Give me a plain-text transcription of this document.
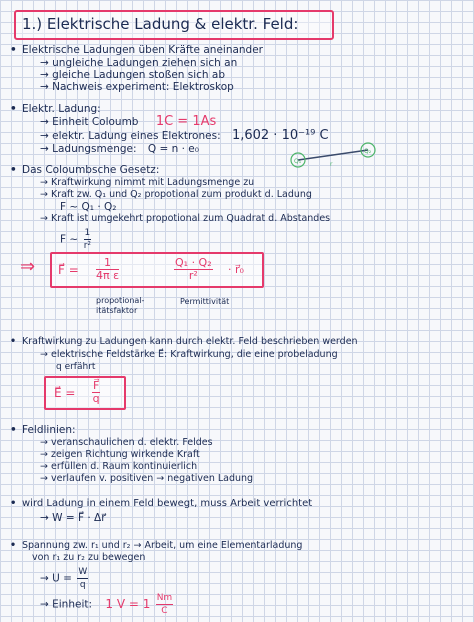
1.) Elektrische Ladung & elektr. Feld:
• Elektrische Ladungen üben Kräfte aneinander
→ ungleiche Ladungen ziehen sich an
→ gleiche Ladungen stoßen sich ab
→ Nachweis experiment: Elektroskop
• Elektr. Ladung:
→ Einheit Coloumb 1C = 1As
→ elektr. Ladung eines Elektrones: 1,602 · 10⁻¹⁹ C
→ Ladungsmenge: Q = n · e₀
Q₁
Q₂
r
• Das Coloumbsche Gesetz:
→ Kraftwirkung nimmt mit Ladungsmenge zu
→ Kraft zw. Q₁ und Q₂ propotional zum produkt d. Ladung
F ~ Q₁ · Q₂
→ Kraft ist umgekehrt propotional zum Quadrat d. Abstandes
F ~ $\frac{1}{\text{r²}}$
⇒ F⃗ = $\frac{1}{\text{4π ε}}$	$\frac{\text{Q₁ · Q₂}}{\text{r²}}$ · r⃗₀
propotional-itätsfaktor
Permittivität
• Kraftwirkung zu Ladungen kann durch elektr. Feld beschrieben werden
→ elektrische Feldstärke E⃗: Kraftwirkung, die eine probeladung
q erfährt
E⃗ = $\frac{F⃗}{q}$
• Feldlinien:
→ veranschaulichen d. elektr. Feldes
→ zeigen Richtung wirkende Kraft
→ erfüllen d. Raum kontinuierlich
→ verlaufen v. positiven → negativen Ladung
• wird Ladung in einem Feld bewegt, muss Arbeit verrichtet
→ W = F⃗ · Δr⃗
• Spannung zw. r₁ und r₂ → Arbeit, um eine Elementarladung
von r₁ zu r₂ zu bewegen
→ $U = \frac{W}{q}$
→ Einheit: 1 $V = 1 \frac{Nm}{C}$
